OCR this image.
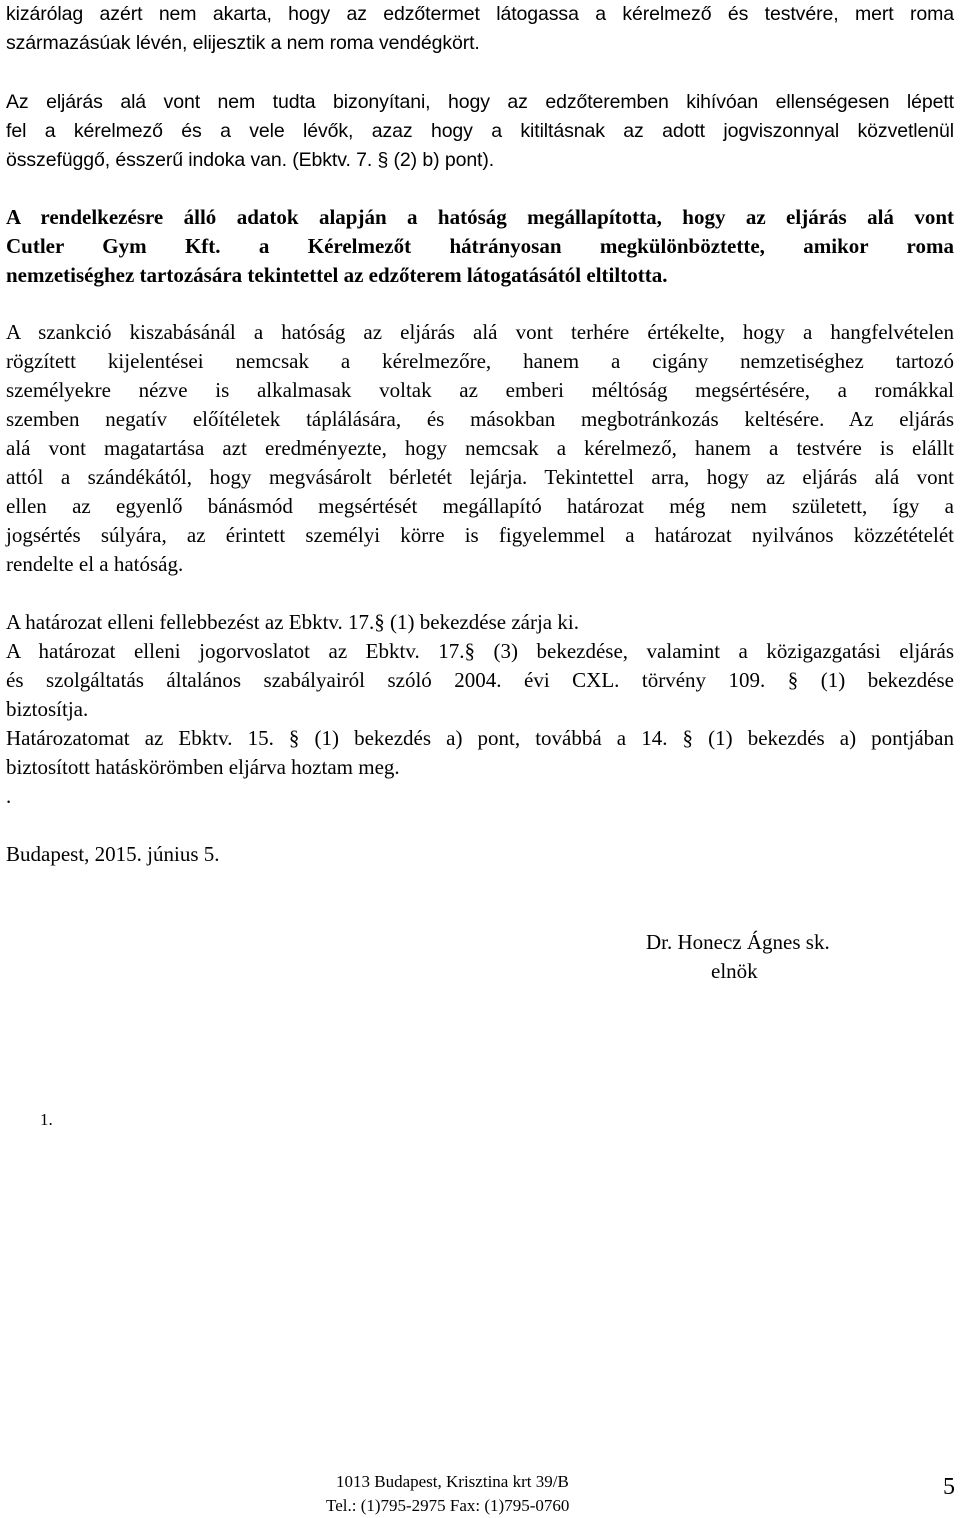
kizárólag azért nem akarta, hogy az edzőtermet látogassa a kérelmező és testvére, mert roma
származásúak lévén, elijesztik a nem roma vendégkört.
Az eljárás alá vont nem tudta bizonyítani, hogy az edzőteremben kihívóan ellenségesen lépett
fel a kérelmező és a vele lévők, azaz hogy a kitiltásnak az adott jogviszonnyal közvetlenül
összefüggő, ésszerű indoka van. (Ebktv. 7. § (2) b) pont).
A rendelkezésre álló adatok alapján a hatóság megállapította, hogy az eljárás alá vont
Cutler Gym Kft. a Kérelmezőt hátrányosan megkülönböztette, amikor roma
nemzetiséghez tartozására tekintettel az edzőterem látogatásától eltiltotta.
A szankció kiszabásánál a hatóság az eljárás alá vont terhére értékelte, hogy a hangfelvételen
rögzített kijelentései nemcsak a kérelmezőre, hanem a cigány nemzetiséghez tartozó
személyekre nézve is alkalmasak voltak az emberi méltóság megsértésére, a romákkal
szemben negatív előítéletek táplálására, és másokban megbotránkozás keltésére. Az eljárás
alá vont magatartása azt eredményezte, hogy nemcsak a kérelmező, hanem a testvére is elállt
attól a szándékától, hogy megvásárolt bérletét lejárja. Tekintettel arra, hogy az eljárás alá vont
ellen az egyenlő bánásmód megsértését megállapító határozat még nem született, így a
jogsértés súlyára, az érintett személyi körre is figyelemmel a határozat nyilvános közzétételét
rendelte el a hatóság.
A határozat elleni fellebbezést az Ebktv. 17.§ (1) bekezdése zárja ki.
A határozat elleni jogorvoslatot az Ebktv. 17.§ (3) bekezdése, valamint a közigazgatási eljárás
és szolgáltatás általános szabályairól szóló 2004. évi CXL. törvény 109. § (1) bekezdése
biztosítja.
Határozatomat az Ebktv. 15. § (1) bekezdés a) pont, továbbá a 14. § (1) bekezdés a) pontjában
biztosított hatáskörömben eljárva hoztam meg.
.
Budapest, 2015. június 5.
Dr. Honecz Ágnes sk.
elnök
1.
1013 Budapest, Krisztina krt 39/B
Tel.: (1)795-2975 Fax: (1)795-0760
5
